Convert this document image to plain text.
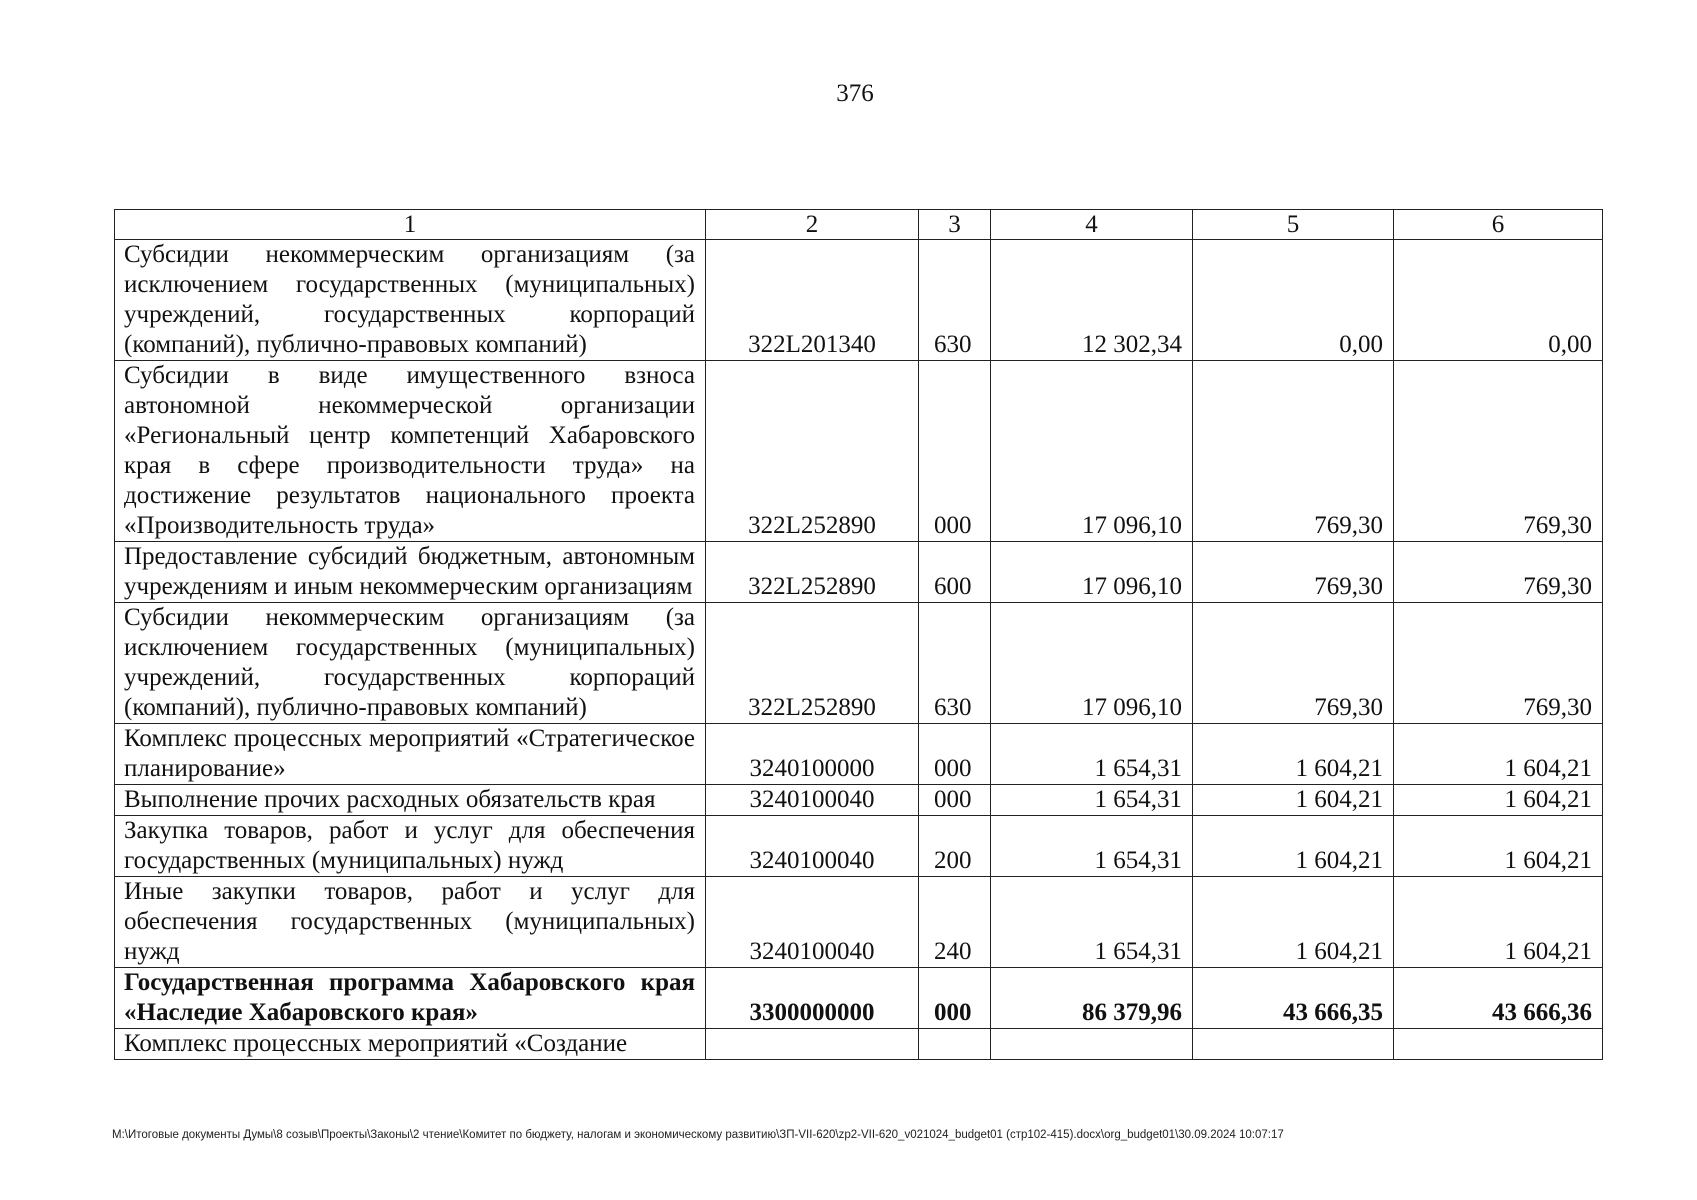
376
1	2	3	4	5	6
Субсидии некоммерческим организациям (за исключением государственных (муниципальных) учреждений, государственных корпораций (компаний), публично-правовых компаний)	322L201340	630	12 302,34	0,00	0,00
Субсидии в виде имущественного взноса автономной некоммерческой организации «Региональный центр компетенций Хабаровского края в сфере производительности труда» на достижение результатов национального проекта «Производительность труда»	322L252890	000	17 096,10	769,30	769,30
Предоставление субсидий бюджетным, автономным учреждениям и иным некоммерческим организациям	322L252890	600	17 096,10	769,30	769,30
Субсидии некоммерческим организациям (за исключением государственных (муниципальных) учреждений, государственных корпораций (компаний), публично-правовых компаний)	322L252890	630	17 096,10	769,30	769,30
Комплекс процессных мероприятий «Стратегическое планирование»	3240100000	000	1 654,31	1 604,21	1 604,21
Выполнение прочих расходных обязательств края	3240100040	000	1 654,31	1 604,21	1 604,21
Закупка товаров, работ и услуг для обеспечения государственных (муниципальных) нужд	3240100040	200	1 654,31	1 604,21	1 604,21
Иные закупки товаров, работ и услуг для обеспечения государственных (муниципальных) нужд	3240100040	240	1 654,31	1 604,21	1 604,21
Государственная программа Хабаровского края «Наследие Хабаровского края»	3300000000	000	86 379,96	43 666,35	43 666,36
Комплекс процессных мероприятий «Создание					
М:\Итоговые документы Думы\8 созыв\Проекты\Законы\2 чтение\Комитет по бюджету, налогам и экономическому развитию\ЗП-VII-620\zp2-VII-620_v021024_budget01 (стр102-415).docx\org_budget01\30.09.2024 10:07:17
